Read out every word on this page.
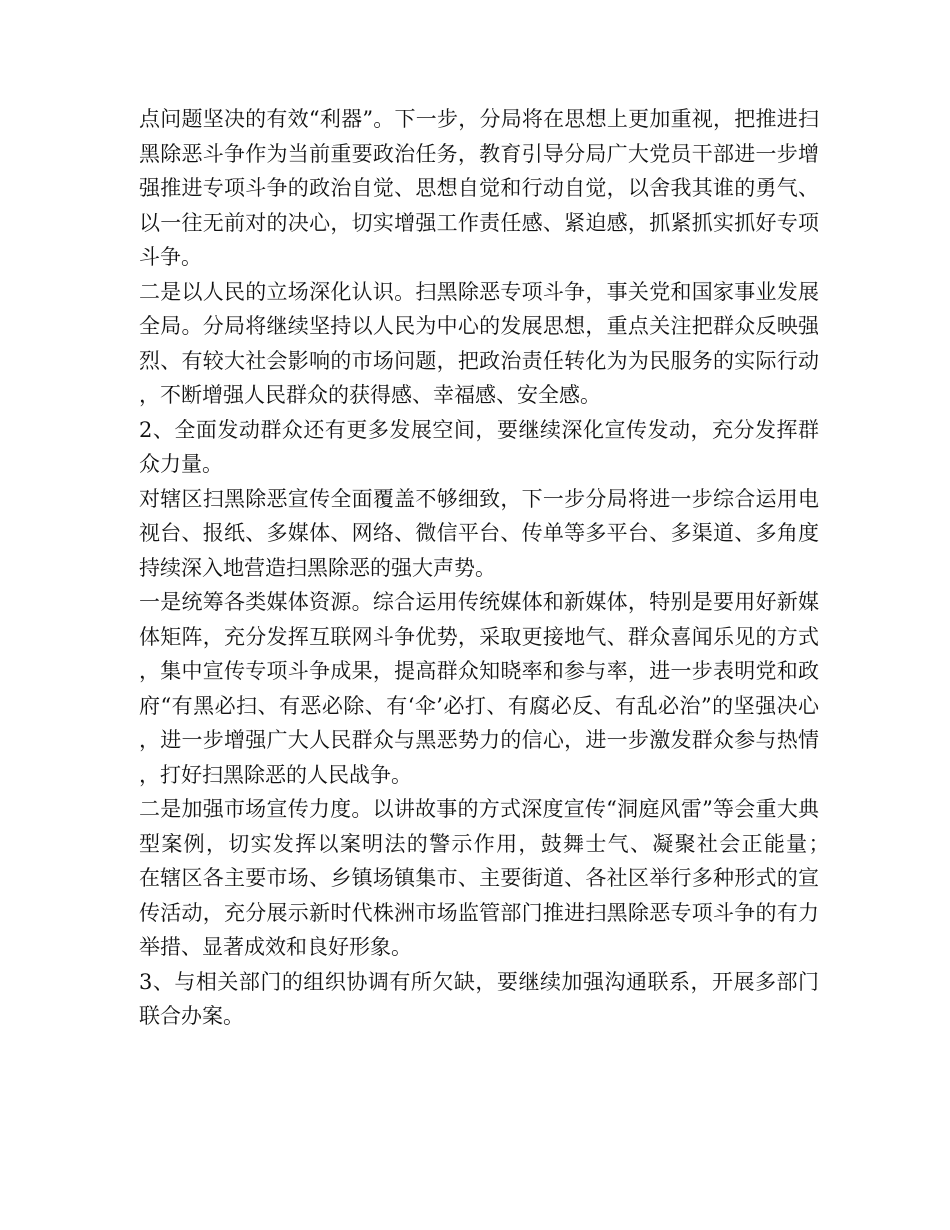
点问题坚决的有效“利器”。下一步，分局将在思想上更加重视，把推进扫黑除恶斗争作为当前重要政治任务，教育引导分局广大党员干部进一步增强推进专项斗争的政治自觉、思想自觉和行动自觉，以舍我其谁的勇气、以一往无前对的决心，切实增强工作责任感、紧迫感，抓紧抓实抓好专项斗争。

二是以人民的立场深化认识。扫黑除恶专项斗争，事关党和国家事业发展全局。分局将继续坚持以人民为中心的发展思想，重点关注把群众反映强烈、有较大社会影响的市场问题，把政治责任转化为为民服务的实际行动，不断增强人民群众的获得感、幸福感、安全感。

2、全面发动群众还有更多发展空间，要继续深化宣传发动，充分发挥群众力量。

对辖区扫黑除恶宣传全面覆盖不够细致，下一步分局将进一步综合运用电视台、报纸、多媒体、网络、微信平台、传单等多平台、多渠道、多角度持续深入地营造扫黑除恶的强大声势。

一是统筹各类媒体资源。综合运用传统媒体和新媒体，特别是要用好新媒体矩阵，充分发挥互联网斗争优势，采取更接地气、群众喜闻乐见的方式，集中宣传专项斗争成果，提高群众知晓率和参与率，进一步表明党和政府“有黑必扫、有恶必除、有‘伞’必打、有腐必反、有乱必治”的坚强决心，进一步增强广大人民群众与黑恶势力的信心，进一步激发群众参与热情，打好扫黑除恶的人民战争。

二是加强市场宣传力度。以讲故事的方式深度宣传“洞庭风雷”等会重大典型案例，切实发挥以案明法的警示作用，鼓舞士气、凝聚社会正能量；　在辖区各主要市场、乡镇场镇集市、主要街道、各社区举行多种形式的宣传活动，充分展示新时代株洲市场监管部门推进扫黑除恶专项斗争的有力举措、显著成效和良好形象。

3、与相关部门的组织协调有所欠缺，要继续加强沟通联系，开展多部门联合办案。
